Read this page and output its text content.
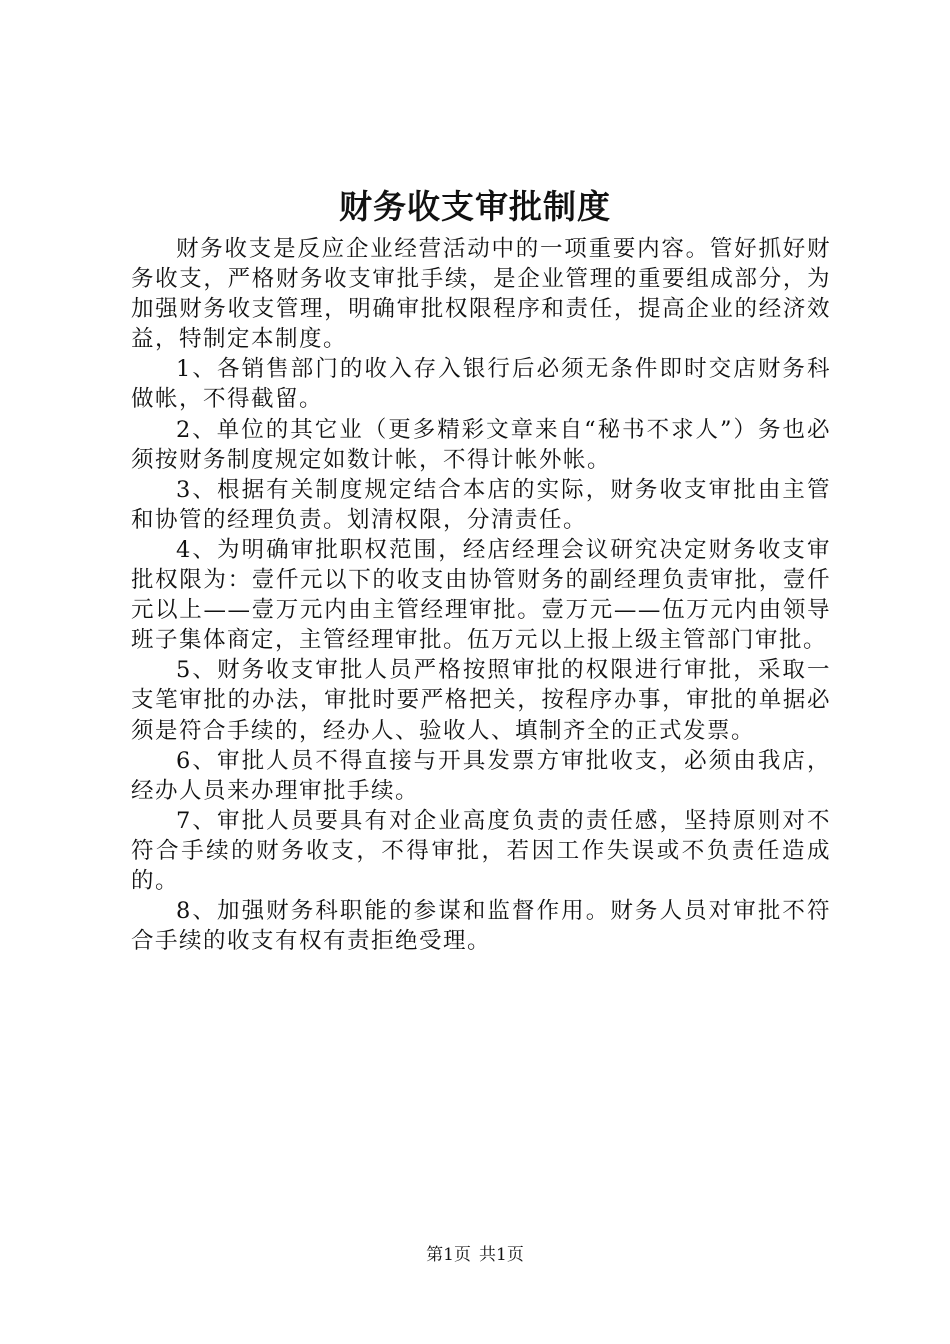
财务收支审批制度

财务收支是反应企业经营活动中的一项重要内容。管好抓好财务收支，严格财务收支审批手续，是企业管理的重要组成部分，为加强财务收支管理，明确审批权限程序和责任，提高企业的经济效益，特制定本制度。

1、各销售部门的收入存入银行后必须无条件即时交店财务科做帐，不得截留。

2、单位的其它业（更多精彩文章来自“秘书不求人”）务也必须按财务制度规定如数计帐，不得计帐外帐。

3、根据有关制度规定结合本店的实际，财务收支审批由主管和协管的经理负责。划清权限，分清责任。

4、为明确审批职权范围，经店经理会议研究决定财务收支审批权限为：壹仟元以下的收支由协管财务的副经理负责审批，壹仟元以上——壹万元内由主管经理审批。壹万元——伍万元内由领导班子集体商定，主管经理审批。伍万元以上报上级主管部门审批。

5、财务收支审批人员严格按照审批的权限进行审批，采取一支笔审批的办法，审批时要严格把关，按程序办事，审批的单据必须是符合手续的，经办人、验收人、填制齐全的正式发票。

6、审批人员不得直接与开具发票方审批收支，必须由我店，经办人员来办理审批手续。

7、审批人员要具有对企业高度负责的责任感，坚持原则对不符合手续的财务收支，不得审批，若因工作失误或不负责任造成的。

8、加强财务科职能的参谋和监督作用。财务人员对审批不符合手续的收支有权有责拒绝受理。

第1页 共1页
